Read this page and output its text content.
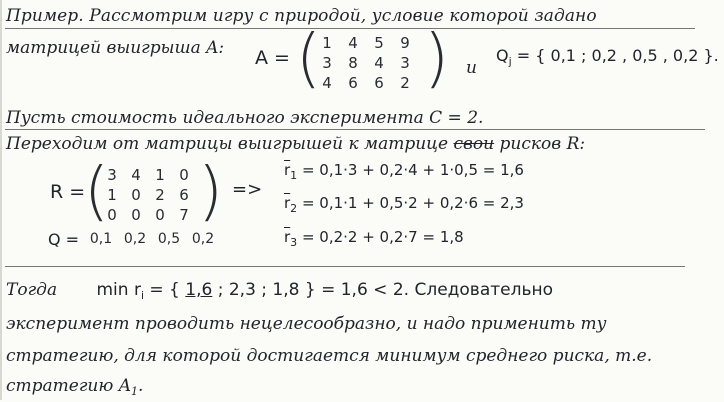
Пример. Рассмотрим игру с природой, условие которой задано
матрицей выигрыша A: A = ( 1	4	5	9
3	8	4	3
4	6	6	2 ) и
$Q_j$ = { 0,1 ; 0,2 , 0,5 , 0,2 }.
Пусть стоимость идеального эксперимента C = 2.
Переходим от матрицы выигрышей к матрице свои рисков R:
R =
(
3 4 1 0
1 0 2 6
0 0 0 7 )
Q = 0,1 0,2 0,5 0,2
=>
$\overline{r}_1 = 0,1\cdot 3 + 0,2\cdot 4 + 1\cdot 0,5 = 1,6$
$\overline{r}_2 = 0,1\cdot 1 + 0,5\cdot 2 + 0,2\cdot 6 = 2,3$
$\overline{r}_3 = 0,2\cdot 2 + 0,2\cdot 7 = 1,8$
Тогда $\min r_i$ = { 1,6 ; 2,3 ; 1,8 } = 1,6 < 2. Следовательно
эксперимент проводить нецелесообразно, и надо применить ту
стратегию, для которой достигается минимум среднего риска, т.е.
стратегию $A_1$.
